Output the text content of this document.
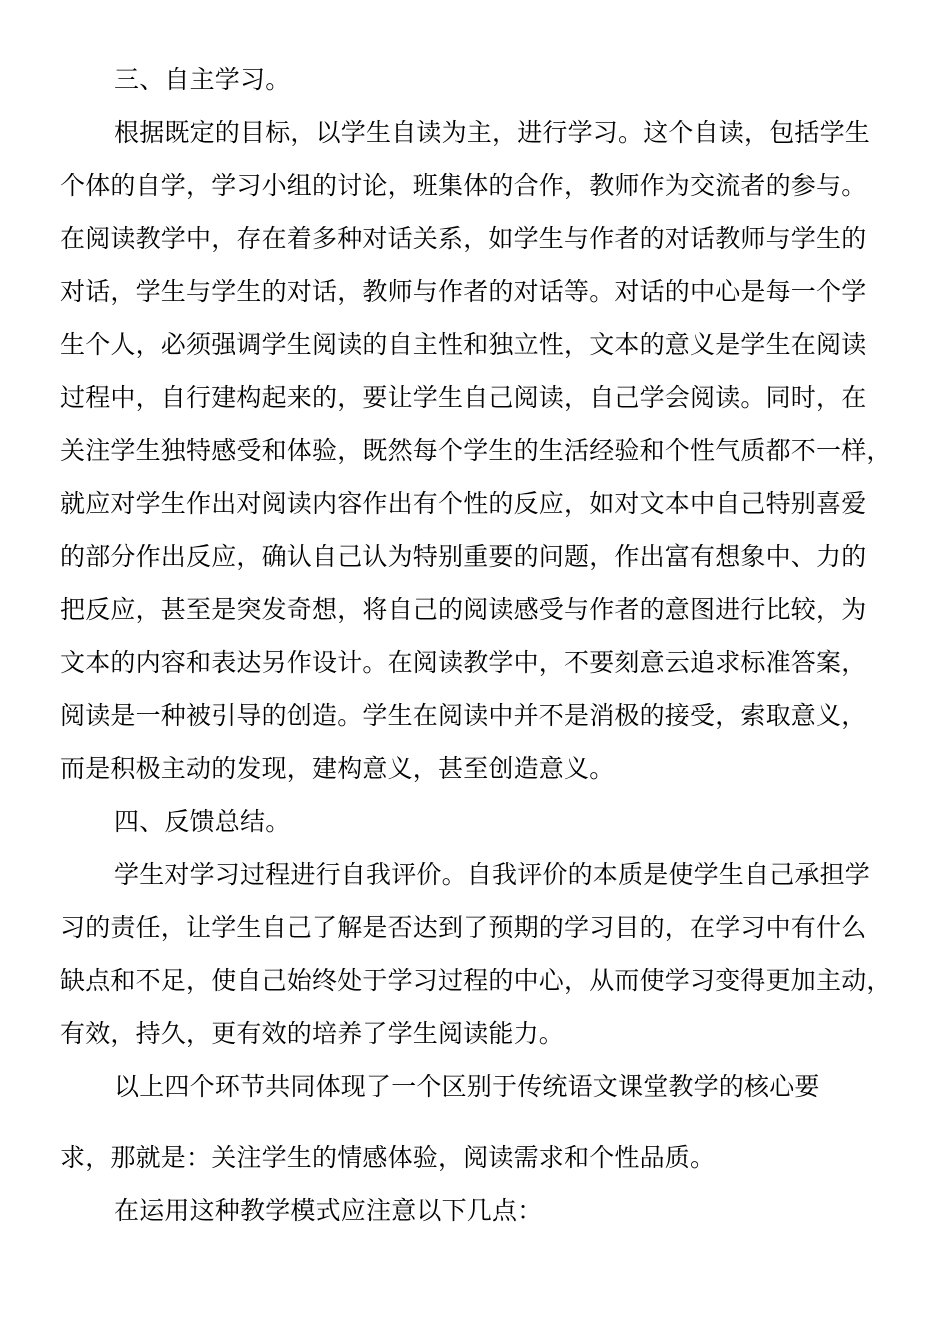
三、自主学习。
根据既定的目标，以学生自读为主，进行学习。这个自读，包括学生
个体的自学，学习小组的讨论，班集体的合作，教师作为交流者的参与。
在阅读教学中，存在着多种对话关系，如学生与作者的对话教师与学生的
对话，学生与学生的对话，教师与作者的对话等。对话的中心是每一个学
生个人，必须强调学生阅读的自主性和独立性，文本的意义是学生在阅读
过程中，自行建构起来的，要让学生自己阅读，自己学会阅读。同时，在
关注学生独特感受和体验，既然每个学生的生活经验和个性气质都不一样，
就应对学生作出对阅读内容作出有个性的反应，如对文本中自己特别喜爱
的部分作出反应，确认自己认为特别重要的问题，作出富有想象中、力的
把反应，甚至是突发奇想，将自己的阅读感受与作者的意图进行比较，为
文本的内容和表达另作设计。在阅读教学中，不要刻意云追求标准答案，
阅读是一种被引导的创造。学生在阅读中并不是消极的接受，索取意义，
而是积极主动的发现，建构意义，甚至创造意义。
四、反馈总结。
学生对学习过程进行自我评价。自我评价的本质是使学生自己承担学
习的责任，让学生自己了解是否达到了预期的学习目的，在学习中有什么
缺点和不足，使自己始终处于学习过程的中心，从而使学习变得更加主动，
有效，持久，更有效的培养了学生阅读能力。
以上四个环节共同体现了一个区别于传统语文课堂教学的核心要
求，那就是：关注学生的情感体验，阅读需求和个性品质。
在运用这种教学模式应注意以下几点：
